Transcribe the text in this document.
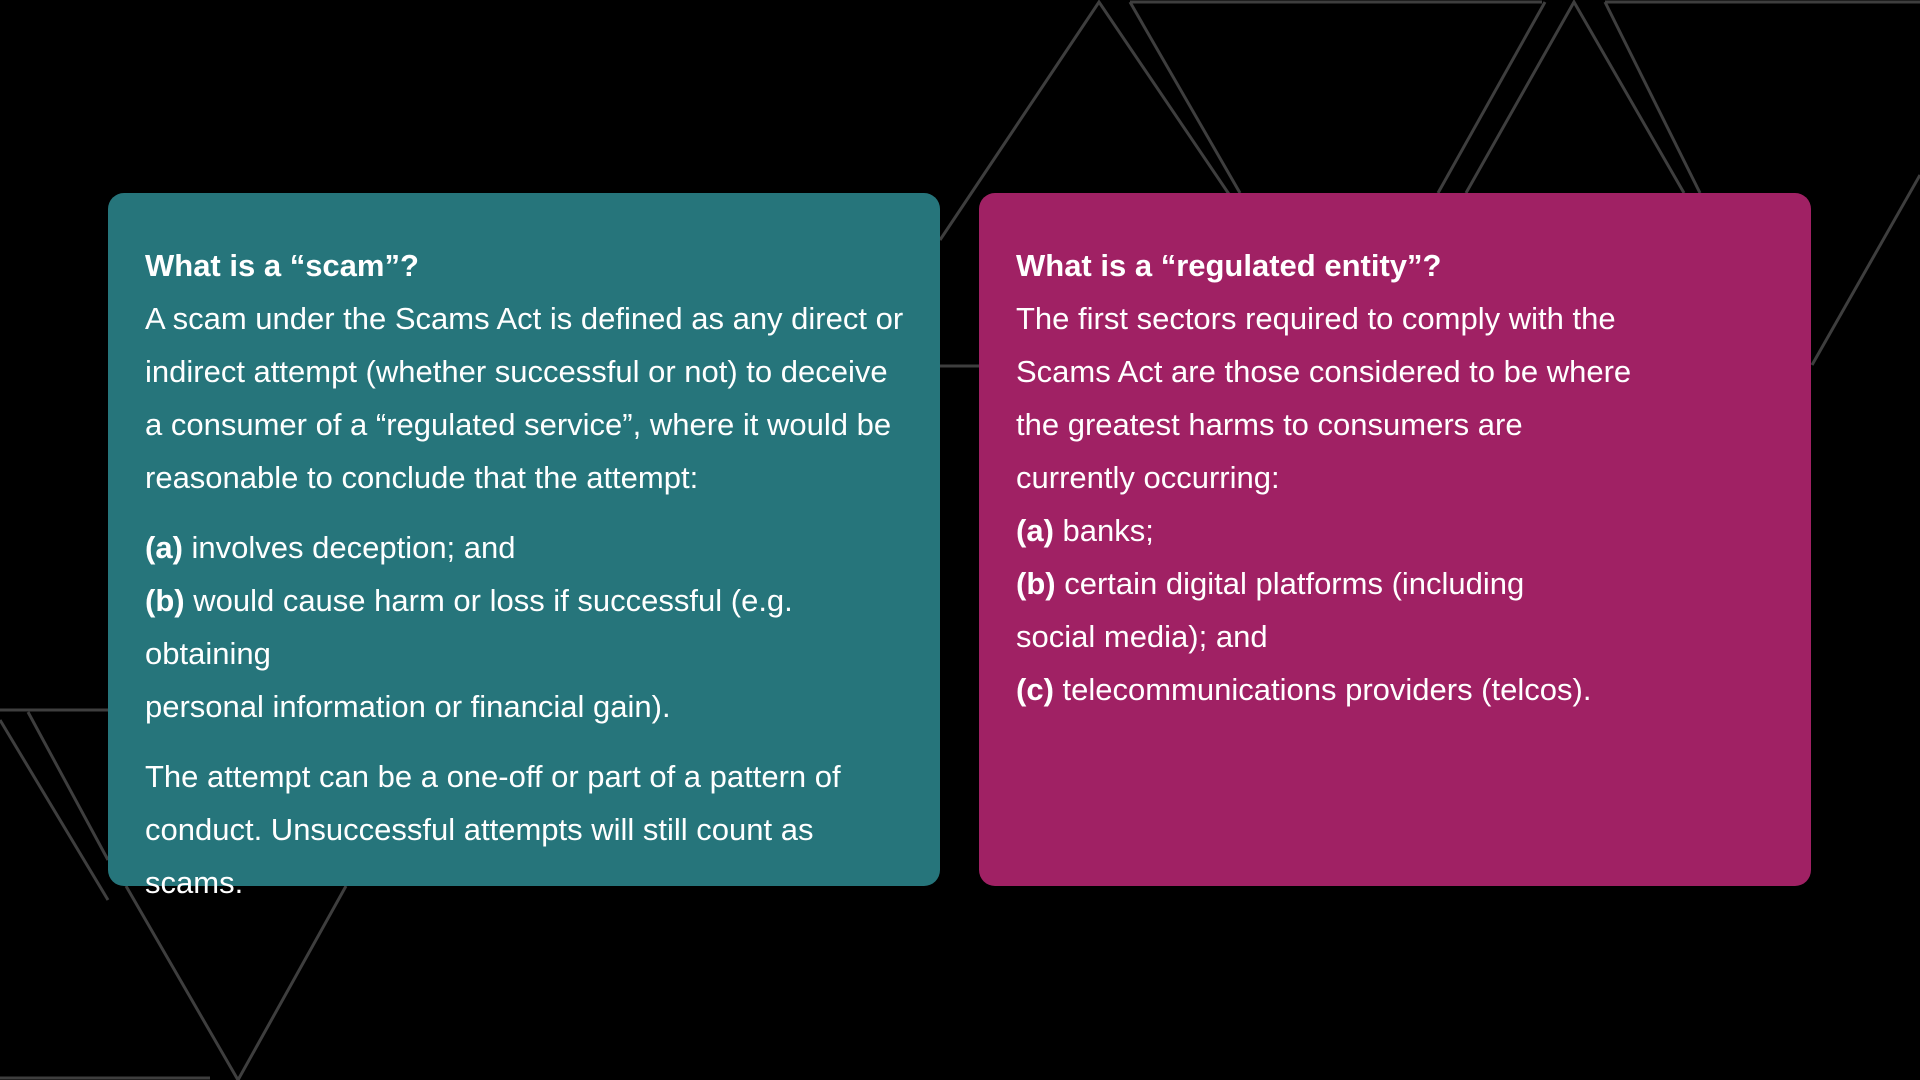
What is a “scam”?

A scam under the Scams Act is defined as any direct or

indirect attempt (whether successful or not) to deceive

a consumer of a “regulated service”, where it would be

reasonable to conclude that the attempt:

(a) involves deception; and

(b) would cause harm or loss if successful (e.g. obtaining

personal information or financial gain).

The attempt can be a one-off or part of a pattern of

conduct. Unsuccessful attempts will still count as scams.

What is a “regulated entity”?

The first sectors required to comply with the

Scams Act are those considered to be where

the greatest harms to consumers are

currently occurring:

(a) banks;

(b) certain digital platforms (including

social media); and

(c) telecommunications providers (telcos).
